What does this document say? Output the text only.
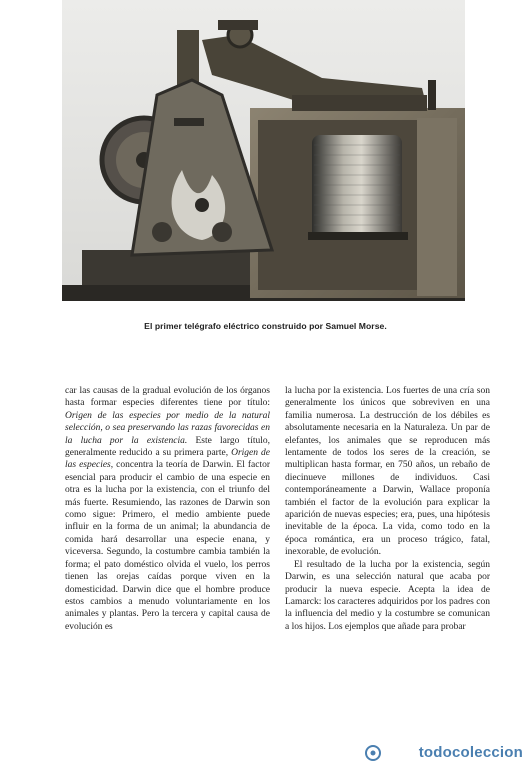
El primer telégrafo eléctrico construido por Samuel Morse.

car las causas de la gradual evolución de los órganos hasta formar especies diferentes tiene por título: Origen de las especies por medio de la natural selección, o sea preservando las razas favorecidas en la lucha por la existencia. Este largo título, generalmente reducido a su primera parte, Origen de las especies, concentra la teoría de Darwin. El factor esencial para producir el cambio de una especie en otra es la lucha por la existencia, con el triunfo del más fuerte. Resumiendo, las razones de Darwin son como sigue: Primero, el medio ambiente puede influir en la forma de un animal; la abundancia de comida hará desarrollar una especie enana, y viceversa. Segundo, la costumbre cambia también la forma; el pato doméstico olvida el vuelo, los perros tienen las orejas caídas porque viven en la domesticidad. Darwin dice que el hombre produce estos cambios a menudo voluntariamente en los animales y plantas. Pero la tercera y capital causa de evolución es

la lucha por la existencia. Los fuertes de una cría son generalmente los únicos que sobreviven en una familia numerosa. La destrucción de los débiles es absolutamente necesaria en la Naturaleza. Un par de elefantes, los animales que se reproducen más lentamente de todos los seres de la creación, se multiplican hasta formar, en 750 años, un rebaño de diecinueve millones de individuos. Casi contemporáneamente a Darwin, Wallace proponía también el factor de la evolución para explicar la aparición de nuevas especies; era, pues, una hipótesis inevitable de la época. La vida, como todo en la época romántica, era un proceso trágico, fatal, inexorable, de evolución.

El resultado de la lucha por la existencia, según Darwin, es una selección natural que acaba por producir la nueva especie. Acepta la idea de Lamarck: los caracteres adquiridos por los padres con la influencia del medio y la costumbre se comunican a los hijos. Los ejemplos que añade para probar

todocoleccion
